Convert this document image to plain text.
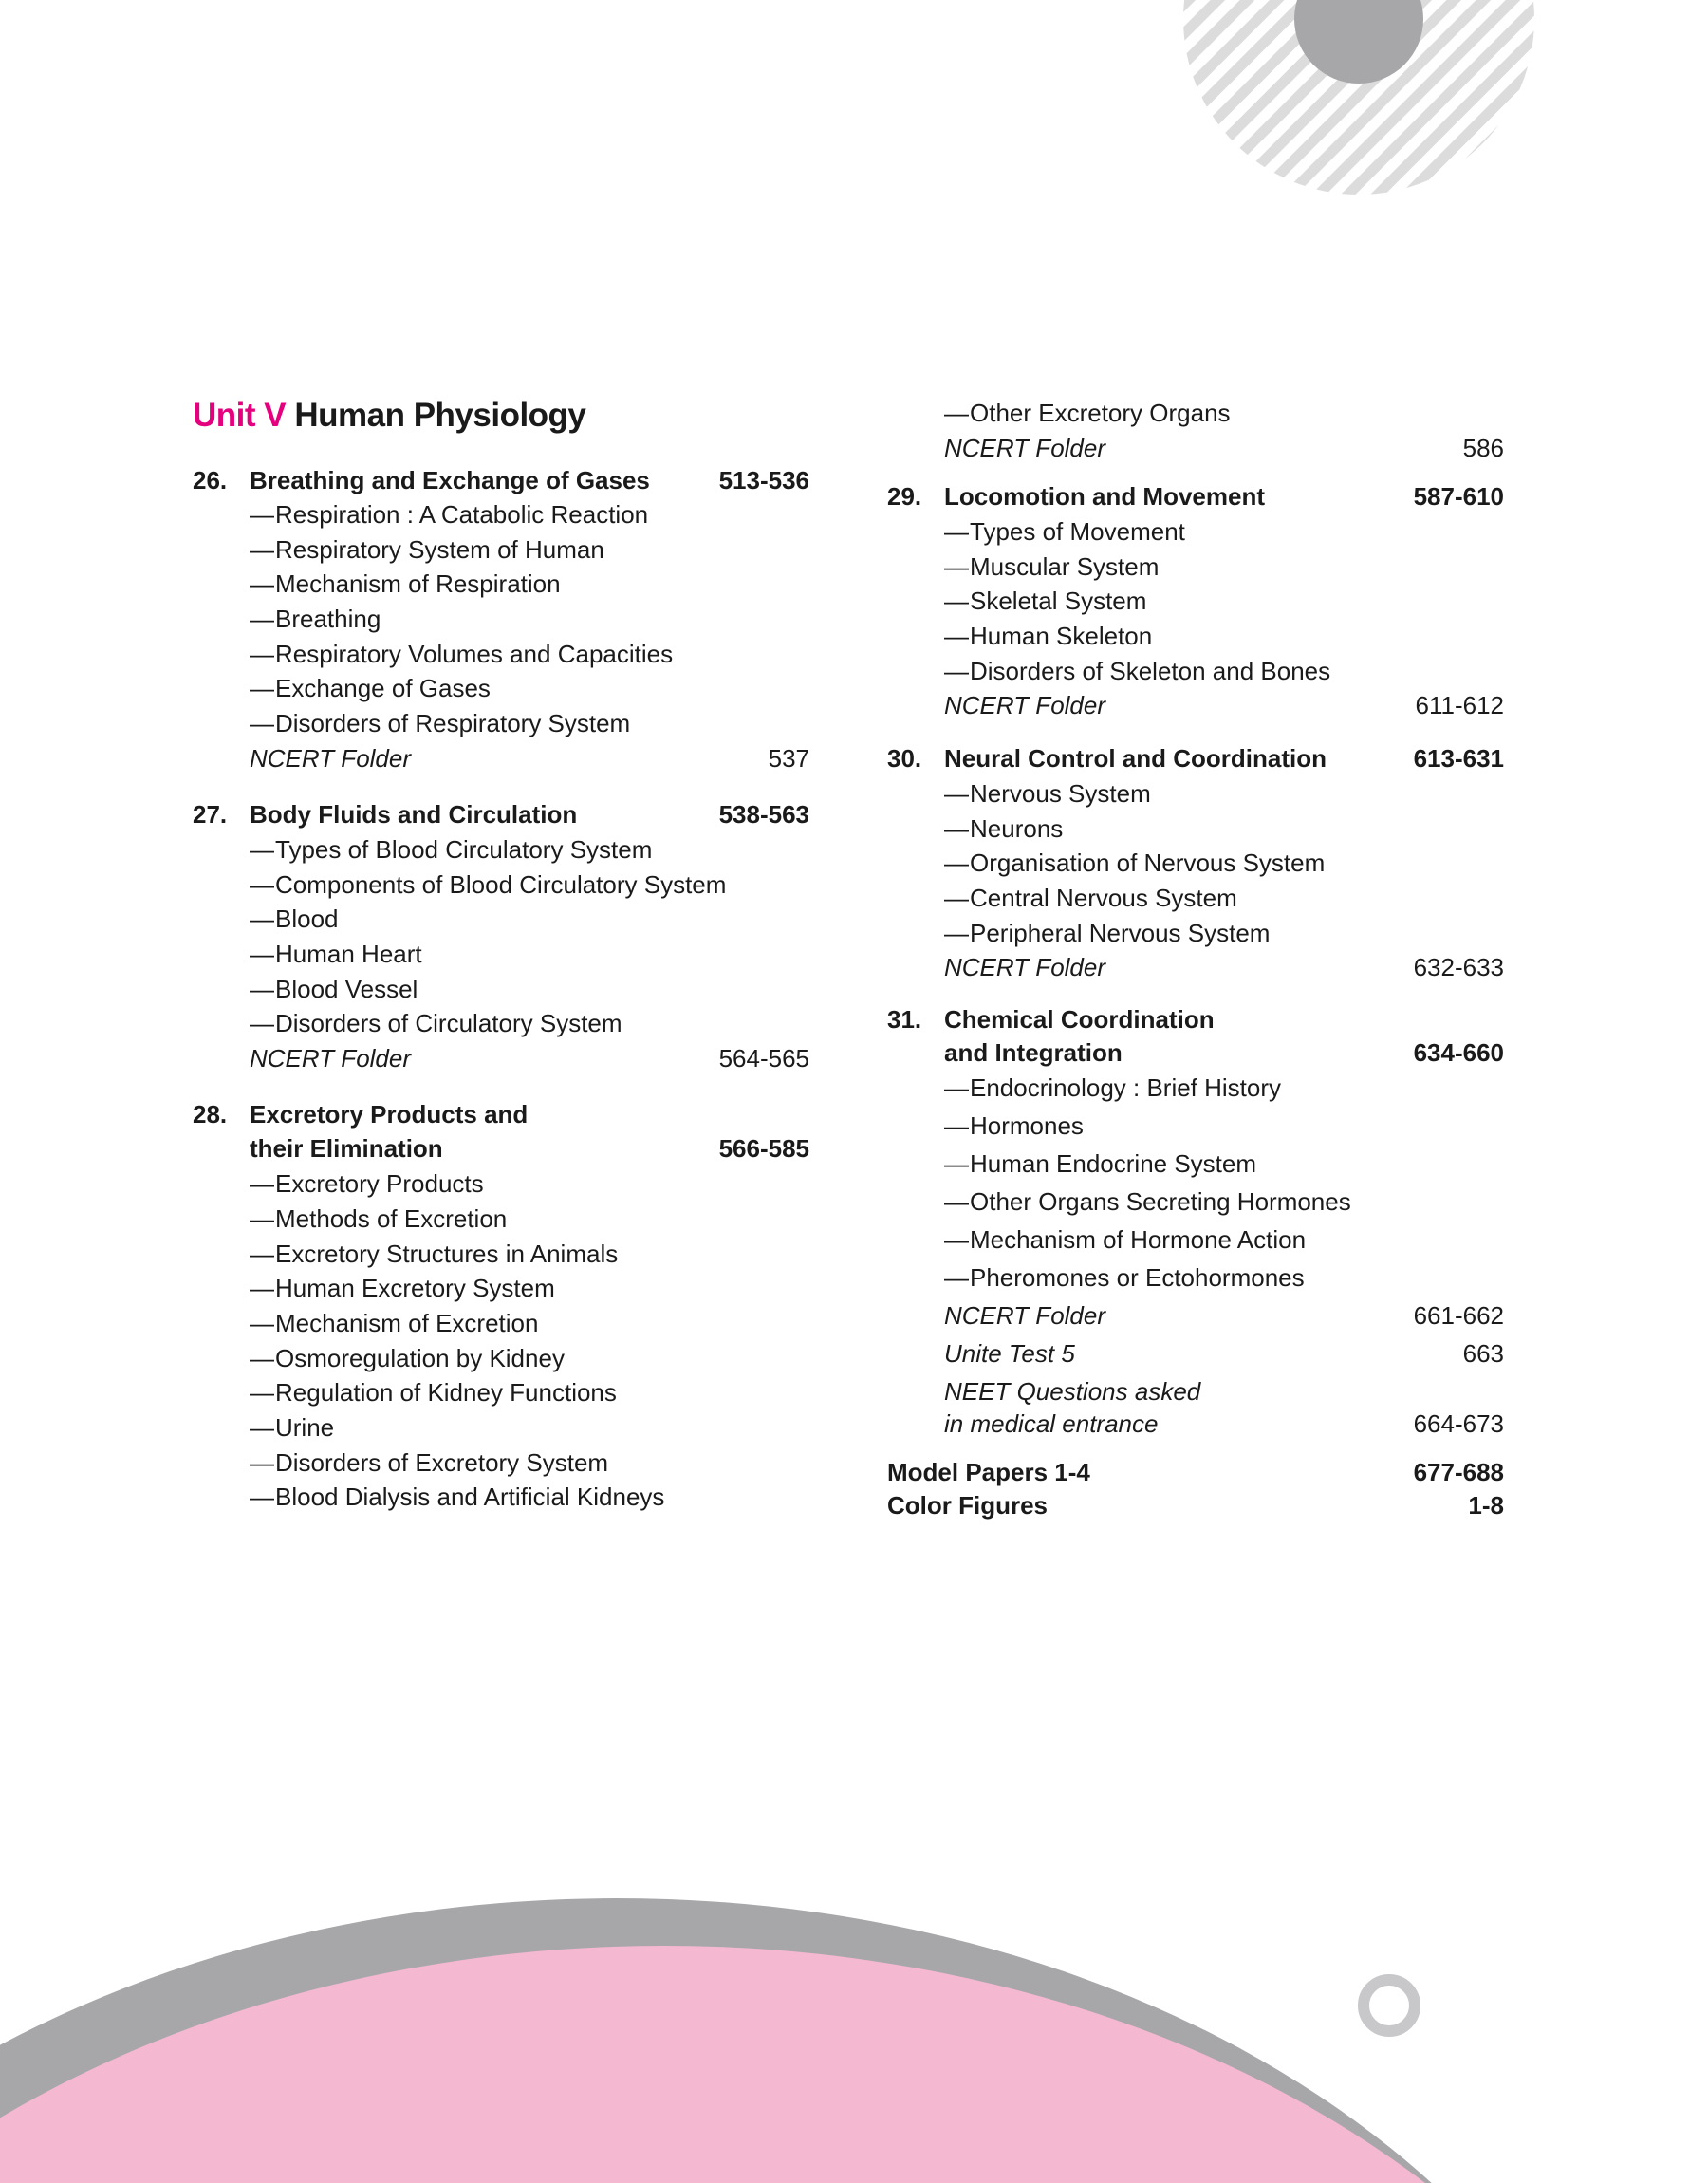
Unit V Human Physiology
26. Breathing and Exchange of Gases	513-536
—Respiration : A Catabolic Reaction
—Respiratory System of Human
—Mechanism of Respiration
—Breathing
—Respiratory Volumes and Capacities
—Exchange of Gases
—Disorders of Respiratory System
NCERT Folder	537
27. Body Fluids and Circulation	538-563
—Types of Blood Circulatory System
—Components of Blood Circulatory System
—Blood
—Human Heart
—Blood Vessel
—Disorders of Circulatory System
NCERT Folder	564-565
28. Excretory Products and
their Elimination	566-585
—Excretory Products
—Methods of Excretion
—Excretory Structures in Animals
—Human Excretory System
—Mechanism of Excretion
—Osmoregulation by Kidney
—Regulation of Kidney Functions
—Urine
—Disorders of Excretory System
—Blood Dialysis and Artificial Kidneys
—Other Excretory Organs
NCERT Folder	586
29. Locomotion and Movement	587-610
—Types of Movement
—Muscular System
—Skeletal System
—Human Skeleton
—Disorders of Skeleton and Bones
NCERT Folder	611-612
30. Neural Control and Coordination	613-631
—Nervous System
—Neurons
—Organisation of Nervous System
—Central Nervous System
—Peripheral Nervous System
NCERT Folder	632-633
31. Chemical Coordination
and Integration	634-660
—Endocrinology : Brief History
—Hormones
—Human Endocrine System
—Other Organs Secreting Hormones
—Mechanism of Hormone Action
—Pheromones or Ectohormones
NCERT Folder	661-662
Unite Test 5	663
NEET Questions asked
in medical entrance	664-673
Model Papers 1-4	677-688
Color Figures	1-8
